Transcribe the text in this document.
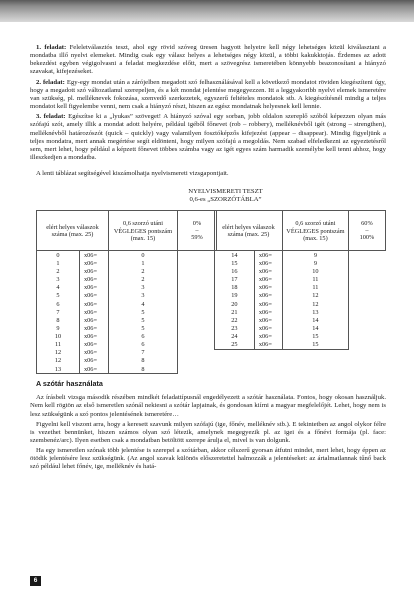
1. feladat: Feleletválasztós teszt, ahol egy rövid szóveg üresen hagyott helyeire kell négy lehetséges közül kiválasztani a mondatba illő nyelvi elemeket. Mindig csak egy válasz helyes a lehetséges négy közül, a többi kakukktojás. Érdemes az adott bekezdést egyben végigolvasni a feladat megkezdése előtt, mert a szövegrész ismeretében könnyebb beazonosítani a hiányzó szavakat, kifejezéseket.

2. feladat: Egy-egy mondat után a zárójelben megadott szó felhasználásával kell a következő mondatot röviden kiegészíteni úgy, hogy a megadott szó változatlanul szerepeljen, és a két mondat jelentése megegyezzen. Itt a leggyakoribb nyelvi elemek ismeretére van szükség, pl. melléknevek fokozása, szenvedő szerkezetek, egyszerű feltételes mondatok stb. A kiegészítésnél mindig a teljes mondatot kell figyelembe venni, nem csak a hiányzó részt, hiszen az egész mondatnak helyesnek kell lennie.

3. feladat: Egészítse ki a „lyukas” szöveget! A hiányzó szóval egy sorban, jobb oldalon szereplő szóból képezzen olyan más szófajú szót, amely illik a mondat adott helyére, például igéből főnevet (rob – robbery), melléknévből igét (strong – strengthen), melléknévből határozószót (quick – quickly) vagy valamilyen fosztóképzős kifejezést (appear – disappear). Mindig figyeljünk a teljes mondatra, mert annak megértése segít eldönteni, hogy milyen szófajú a megoldás. Nem szabad elfeledkezni az egyeztetésről sem, mert lehet, hogy például a képzett főnevet többes számba vagy az igét egyes szám harmadik személybe kell tenni ahhoz, hogy illeszkedjen a mondatba.

A lenti táblázat segítségével kiszámolhatja nyelvismereti vizsgapontjait.
NYELVISMERETI TESZT
0,6-es „SZORZÓTÁBLA”
elért helyes válaszok száma (max. 25)		0,6 szorzó utáni VÉGLEGES pontszám (max. 15)	0%
–
59%
0	x06=	0	
1	x06=	1	
2	x06=	2	
3	x06=	2	
4	x06=	3	
5	x06=	3	
6	x06=	4	
7	x06=	5	
8	x06=	5	
9	x06=	5	
10	x06=	6	
11	x06=	6	
12	x06=	7	
12	x06=	8	
13	x06=	8	
elért helyes válaszok száma (max. 25)		0,6 szorzó utáni VÉGLEGES pontszám (max. 15)	60%
–
100%
14	x06=	9	
15	x06=	9	
16	x06=	10	
17	x06=	11	
18	x06=	11	
19	x06=	12	
20	x06=	12	
21	x06=	13	
22	x06=	14	
23	x06=	14	
24	x06=	15	
25	x06=	15	
A szótár használata

Az írásbeli vizsga második részében mindkét feladattípusnál engedélyezett a szótár használata. Fontos, hogy okosan használjuk. Nem kell rögtön az első ismeretlen szónál nekiesni a szótár lapjainak, és gondosan kiírni a magyar megfelelőjét. Lehet, hogy nem is lesz szükségünk a szó pontos jelentésének ismeretére…

Figyelni kell viszont arra, hogy a keresett szavunk milyen szófajú (ige, főnév, melléknév stb.). E tekintetben az angol olykor félre is vezethet bennünket, hiszen számos olyan szó létezik, amelynek megegyezik pl. az igei és a főnévi formája (pl. face: szembenéz/arc). Ilyen esetben csak a mondatban betöltött szerepe árulja el, mivel is van dolgunk.

Ha egy ismeretlen szónak több jelentése is szerepel a szótárban, akkor célszerű gyorsan átfutni mindet, mert lehet, hogy éppen az ötödik jelentésére lesz szükségünk. (Az angol szavak különös előszeretettel halmozzák a jelentéseket: az ártalmatlannak tűnő back szó például lehet főnév, ige, melléknév és hatá-

6
